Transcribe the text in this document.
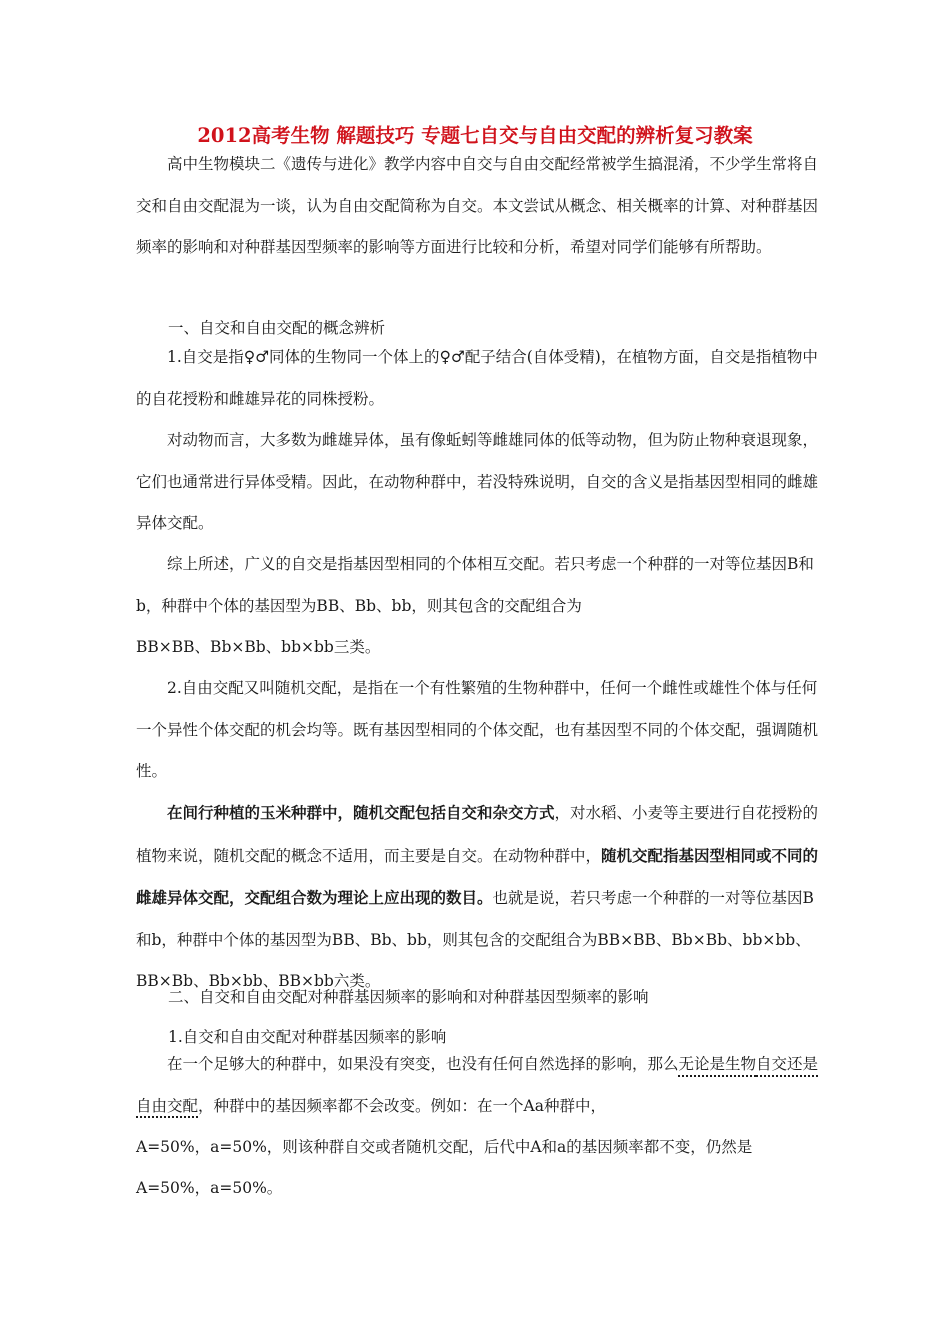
2012高考生物 解题技巧 专题七自交与自由交配的辨析复习教案

高中生物模块二《遗传与进化》教学内容中自交与自由交配经常被学生搞混淆，不少学生常将自交和自由交配混为一谈，认为自由交配简称为自交。本文尝试从概念、相关概率的计算、对种群基因频率的影响和对种群基因型频率的影响等方面进行比较和分析，希望对同学们能够有所帮助。

一、自交和自由交配的概念辨析

1.自交是指♀♂同体的生物同一个体上的♀♂配子结合(自体受精)，在植物方面，自交是指植物中的自花授粉和雌雄异花的同株授粉。

对动物而言，大多数为雌雄异体，虽有像蚯蚓等雌雄同体的低等动物，但为防止物种衰退现象，它们也通常进行异体受精。因此，在动物种群中，若没特殊说明，自交的含义是指基因型相同的雌雄异体交配。

综上所述，广义的自交是指基因型相同的个体相互交配。若只考虑一个种群的一对等位基因B和b，种群中个体的基因型为BB、Bb、bb，则其包含的交配组合为

BB×BB、Bb×Bb、bb×bb三类。

2.自由交配又叫随机交配，是指在一个有性繁殖的生物种群中，任何一个雌性或雄性个体与任何一个异性个体交配的机会均等。既有基因型相同的个体交配，也有基因型不同的个体交配，强调随机性。

在间行种植的玉米种群中，随机交配包括自交和杂交方式，对水稻、小麦等主要进行自花授粉的植物来说，随机交配的概念不适用，而主要是自交。在动物种群中，随机交配指基因型相同或不同的雌雄异体交配，交配组合数为理论上应出现的数目。也就是说，若只考虑一个种群的一对等位基因B和b，种群中个体的基因型为BB、Bb、bb，则其包含的交配组合为BB×BB、Bb×Bb、bb×bb、BB×Bb、Bb×bb、BB×bb六类。

二、自交和自由交配对种群基因频率的影响和对种群基因型频率的影响
1.自交和自由交配对种群基因频率的影响

在一个足够大的种群中，如果没有突变，也没有任何自然选择的影响，那么无论是生物自交还是自由交配，种群中的基因频率都不会改变。例如：在一个Aa种群中，

A=50%，a=50%，则该种群自交或者随机交配，后代中A和a的基因频率都不变，仍然是
A=50%，a=50%。
